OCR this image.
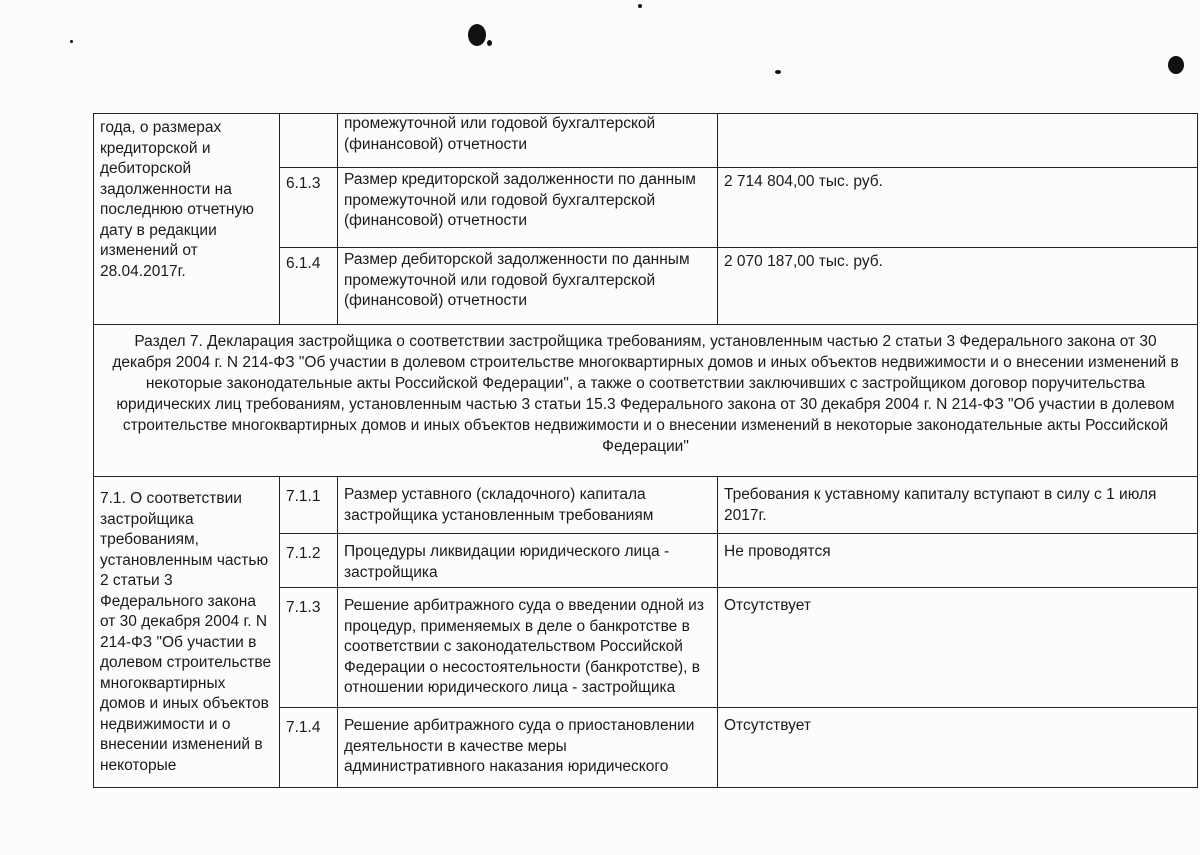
года, о размерах кредиторской и дебиторской задолженности на последнюю отчетную дату в редакции изменений от 28.04.2017г.		промежуточной или годовой бухгалтерской (финансовой) отчетности	
	6.1.3	Размер кредиторской задолженности по данным промежуточной или годовой бухгалтерской (финансовой) отчетности	2 714 804,00 тыс. руб.
	6.1.4	Размер дебиторской задолженности по данным промежуточной или годовой бухгалтерской (финансовой) отчетности	2 070 187,00 тыс. руб.
Раздел 7. Декларация застройщика о соответствии застройщика требованиям, установленным частью 2 статьи 3 Федерального закона от 30 декабря 2004 г. N 214-ФЗ "Об участии в долевом строительстве многоквартирных домов и иных объектов недвижимости и о внесении изменений в некоторые законодательные акты Российской Федерации", а также о соответствии заключивших с застройщиком договор поручительства юридических лиц требованиям, установленным частью 3 статьи 15.3 Федерального закона от 30 декабря 2004 г. N 214-ФЗ "Об участии в долевом строительстве многоквартирных домов и иных объектов недвижимости и о внесении изменений в некоторые законодательные акты Российской Федерации"			
7.1. О соответствии застройщика требованиям, установленным частью 2 статьи 3 Федерального закона от 30 декабря 2004 г. N 214-ФЗ "Об участии в долевом строительстве многоквартирных домов и иных объектов недвижимости и о внесении изменений в некоторые	7.1.1	Размер уставного (складочного) капитала застройщика установленным требованиям	Требования к уставному капиталу вступают в силу с 1 июля 2017г.
	7.1.2	Процедуры ликвидации юридического лица - застройщика	Не проводятся
	7.1.3	Решение арбитражного суда о введении одной из процедур, применяемых в деле о банкротстве в соответствии с законодательством Российской Федерации о несостоятельности (банкротстве), в отношении юридического лица - застройщика	Отсутствует
	7.1.4	Решение арбитражного суда о приостановлении деятельности в качестве меры административного наказания юридического	Отсутствует
